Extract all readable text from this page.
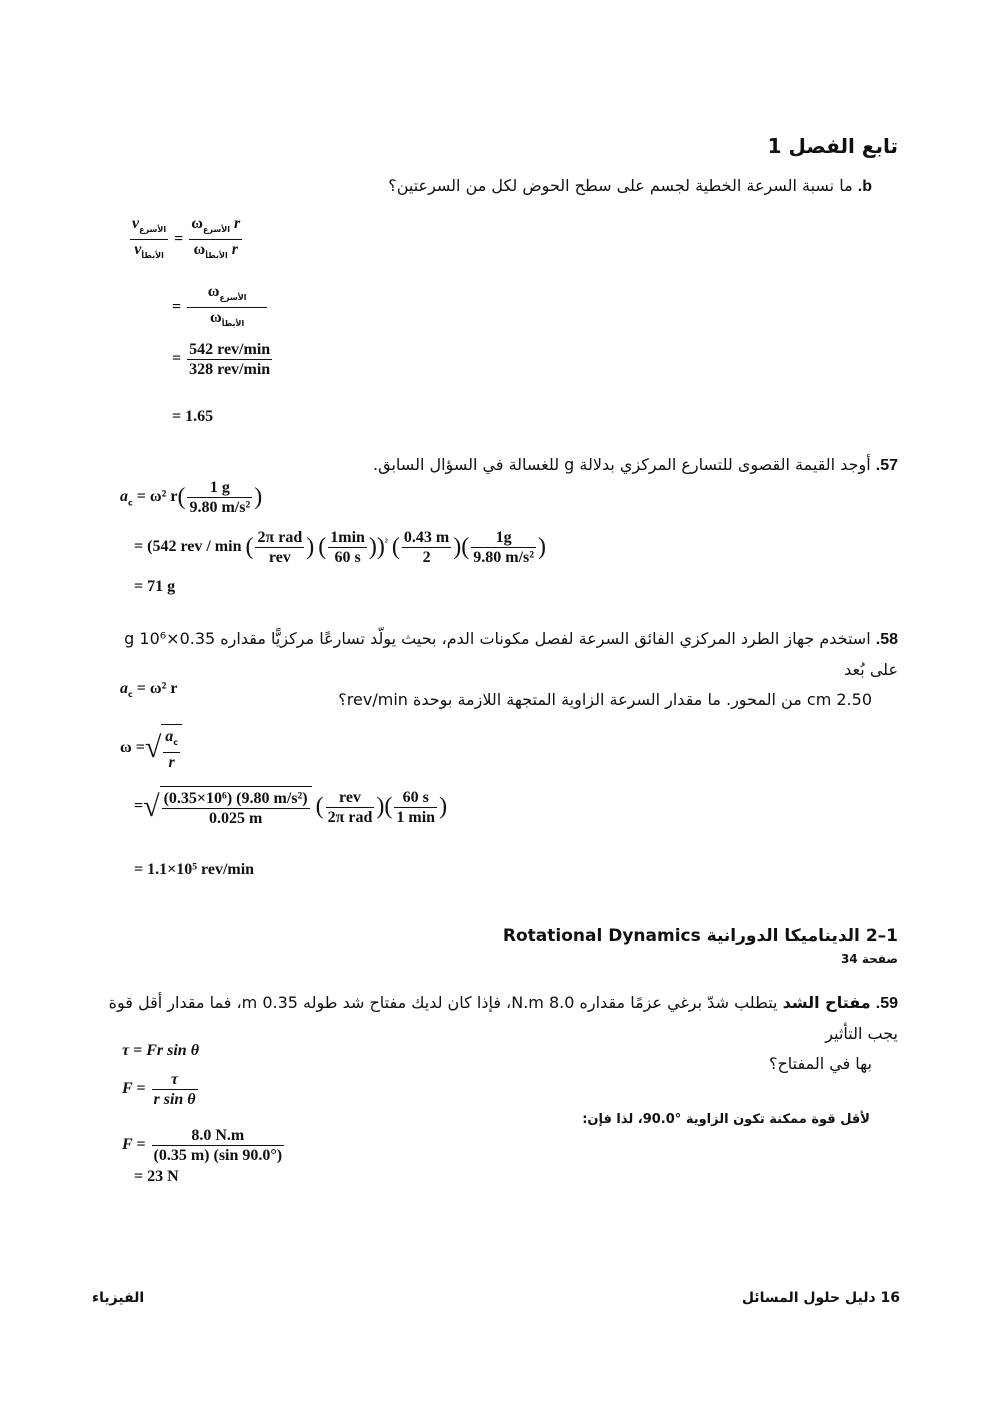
تابع الفصل 1
b. ما نسبة السرعة الخطية لجسم على سطح الحوض لكل من السرعتين؟
$\frac{v_{الأسرع}}{v_{الأبطأ}} = \frac{\omega_{الأسرع} r}{\omega_{الأبطأ} r}$
= $\frac{\omega_{الأسرع}}{\omega_{الأبطأ}}$
= $\frac{\text{542 rev/min}}{\text{328 rev/min}}$
= 1.65
57. أوجد القيمة القصوى للتسارع المركزي بدلالة g للغسالة في السؤال السابق.
$a_c = \omega^2$ $r( \frac{1 g}{\text{9.80 m/s²}}$ )
= (542 rev / min ( $\frac{\text{2π rad}}{\text{rev}}$ ) ( $\frac{1\min}{60 s} ))^{^2}$ ( $\frac{0.43 m}{2}$ )( $\frac{1g}{\text{9.80 m/s²}}$ )
= 71 g
58. استخدم جهاز الطرد المركزي الفائق السرعة لفصل مكونات الدم، بحيث يولّد تسارعًا مركزيًّا مقداره 0.35×10⁶ g على بُعد
2.50 cm من المحور. ما مقدار السرعة الزاوية المتجهة اللازمة بوحدة rev/min؟
$a_c = \omega^2$ r
ω =√ $\frac{a_c}{r}$
=√ $\frac{\text{(0.35×10⁶) (9.80 m/s²)}}{0.025 m}$ ( $\frac{\text{rev}}{\text{2π rad}}$ )( $\frac{60 s}{1 \min}$ )
= 1.1×10⁵ rev/min
1–2 الديناميكا الدورانية Rotational Dynamics
صفحة 34
59. مفتاح الشد يتطلب شدّ برغي عزمًا مقداره 8.0 N.m، فإذا كان لديك مفتاح شد طوله 0.35 m، فما مقدار أقل قوة يجب التأثير
بها في المفتاح؟
τ = Fr sin θ
$F = \frac{\tau}{\text{r sin θ}}$
لأقل قوة ممكنة تكون الزاوية °90.0، لذا فإن:
$F = \frac{8.0 N.m}{(0.35 m) (\sin 90.0^\circ)}$
= 23 N
الفيزياء	16 دليل حلول المسائل
